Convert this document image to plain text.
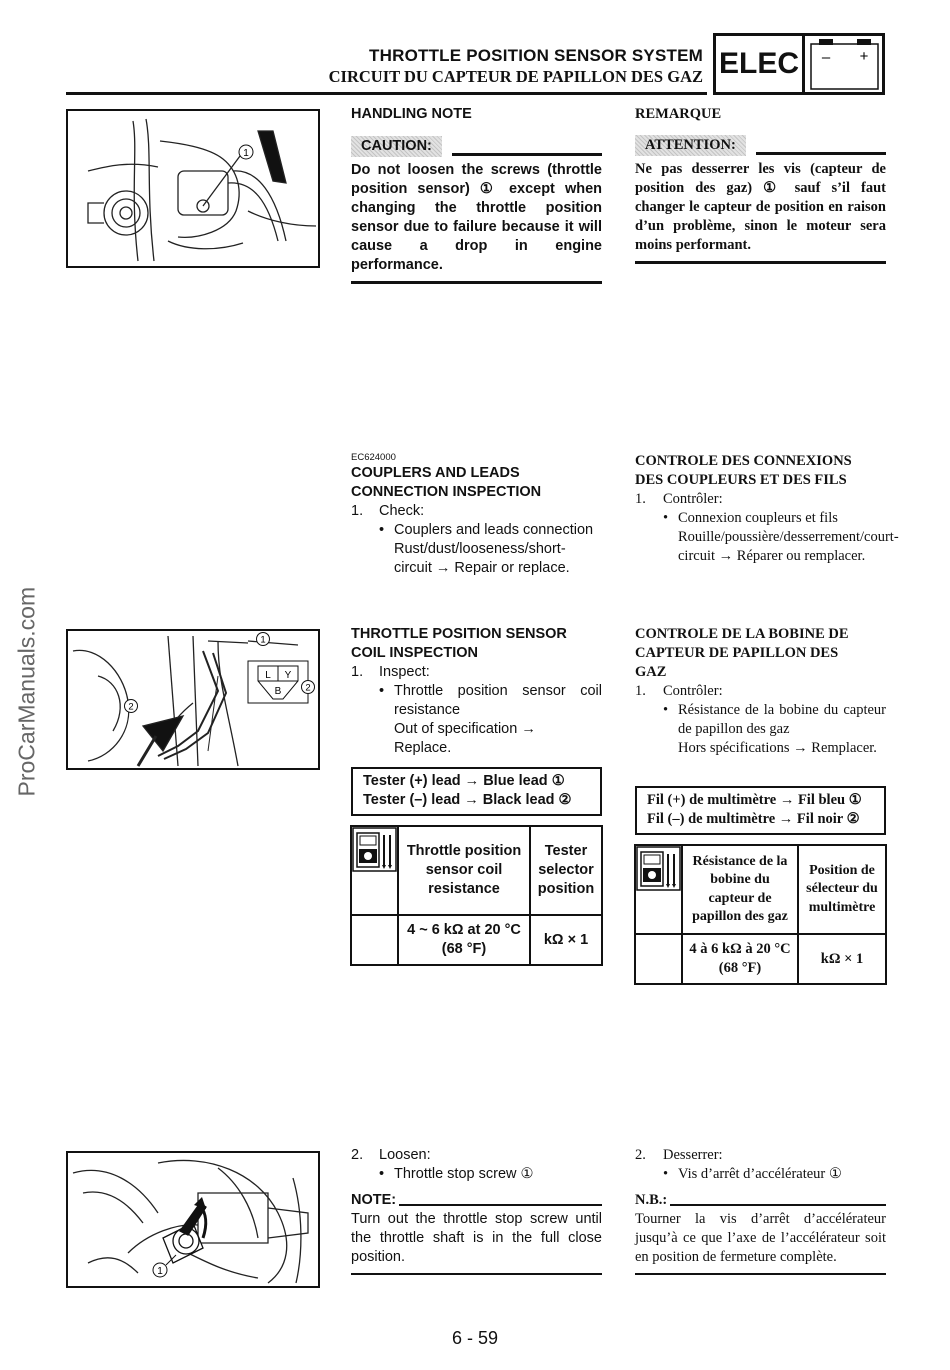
THROTTLE POSITION SENSOR SYSTEM
CIRCUIT DU CAPTEUR DE PAPILLON DES GAZ ELEC	– +
1
HANDLING NOTE
CAUTION:
Do not loosen the screws (throttle position sensor) ① except when changing the throttle position sensor due to failure because it will cause a drop in engine performance.
REMARQUE
ATTENTION:
Ne pas desserrer les vis (capteur de position des gaz) ① sauf s’il faut changer le capteur de position en raison d’un problème, sinon le moteur sera moins performant.
EC624000
COUPLERS AND LEADS
CONNECTION INSPECTION
1.	Check:
• Couplers and leads connection
Rust/dust/looseness/short-circuit → Repair or replace.
CONTROLE DES CONNEXIONS
DES COUPLEURS ET DES FILS
1.	Contrôler:
• Connexion coupleurs et fils
Rouille/poussière/desserrement/court-circuit → Réparer ou remplacer.
L Y
B
1
2
2
THROTTLE POSITION SENSOR
COIL INSPECTION
1.	Inspect:
• Throttle position sensor coil resistance
Out of specification →
Replace.
Tester (+) lead → Blue lead ①
Tester (–) lead → Black lead ②
	Throttle position sensor coil resistance	Tester selector position
	4 ~ 6 kΩ at 20 °C (68 °F)	kΩ × 1
CONTROLE DE LA BOBINE DE
CAPTEUR DE PAPILLON DES
GAZ
1.	Contrôler:
• Résistance de la bobine du capteur de papillon des gaz
Hors spécifications → Remplacer.
Fil (+) de multimètre → Fil bleu ①
Fil (–) de multimètre → Fil noir ②
	Résistance de la bobine du capteur de papillon des gaz	Position de sélecteur du multimètre
	4 à 6 kΩ à 20 °C (68 °F)	kΩ × 1
1
2.	Loosen:
• Throttle stop screw ①
NOTE:
Turn out the throttle stop screw until the throttle shaft is in the full close position.
2.	Desserrer:
• Vis d’arrêt d’accélérateur ①
N.B.:
Tourner la vis d’arrêt d’accélérateur jusqu’à ce que l’axe de l’accélérateur soit en position de fermeture complète.
ProCarManuals.com
6 - 59
